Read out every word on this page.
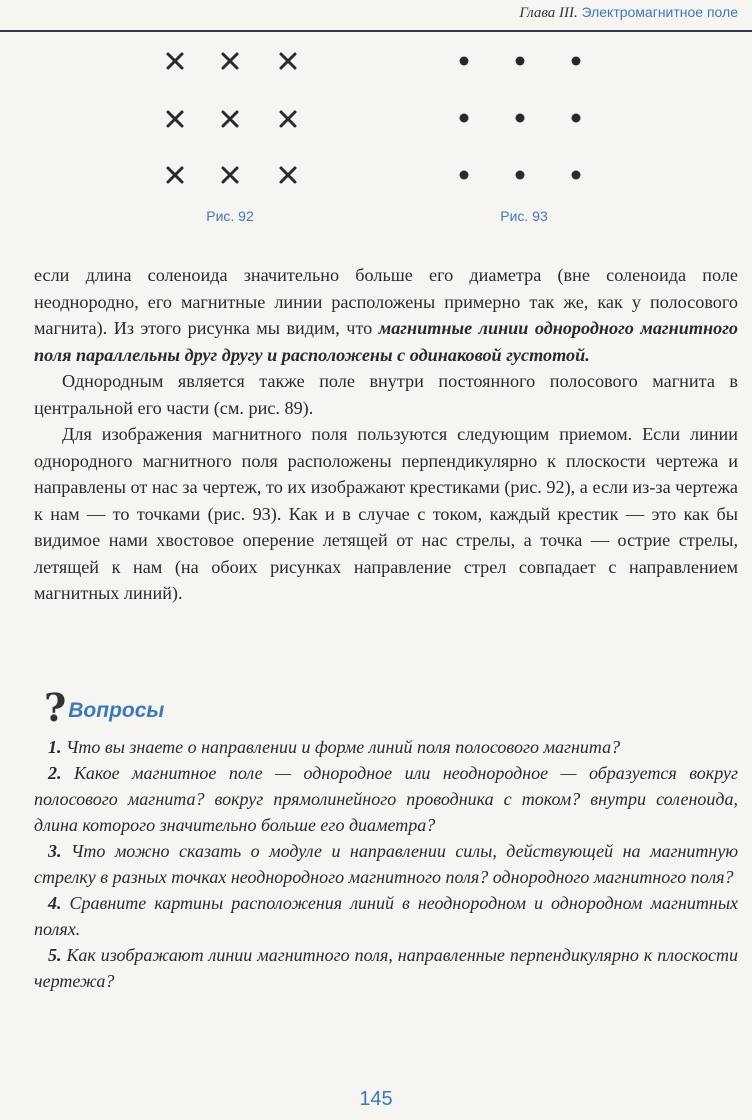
Глава III. Электромагнитное поле
Рис. 92	Рис. 93

если длина соленоида значительно больше его диаметра (вне соленоида поле неоднородно, его магнитные линии расположены примерно так же, как у полосового магнита). Из этого рисунка мы видим, что магнитные линии однородного магнитного поля параллельны друг другу и расположены с одинаковой густотой.

Однородным является также поле внутри постоянного полосового магнита в центральной его части (см. рис. 89).

Для изображения магнитного поля пользуются следующим приемом. Если линии однородного магнитного поля расположены перпендикулярно к плоскости чертежа и направлены от нас за чертеж, то их изображают крестиками (рис. 92), а если из-за чертежа к нам — то точками (рис. 93). Как и в случае с током, каждый крестик — это как бы видимое нами хвостовое оперение летящей от нас стрелы, а точка — острие стрелы, летящей к нам (на обоих рисунках направление стрел совпадает с направлением магнитных линий).

? Вопросы

1. Что вы знаете о направлении и форме линий поля полосового магнита?

2. Какое магнитное поле — однородное или неоднородное — образуется вокруг полосового магнита? вокруг прямолинейного проводника с током? внутри соленоида, длина которого значительно больше его диаметра?

3. Что можно сказать о модуле и направлении силы, действующей на магнитную стрелку в разных точках неоднородного магнитного поля? однородного магнитного поля?

4. Сравните картины расположения линий в неоднородном и однородном магнитных полях.

5. Как изображают линии магнитного поля, направленные перпендикулярно к плоскости чертежа?

145
